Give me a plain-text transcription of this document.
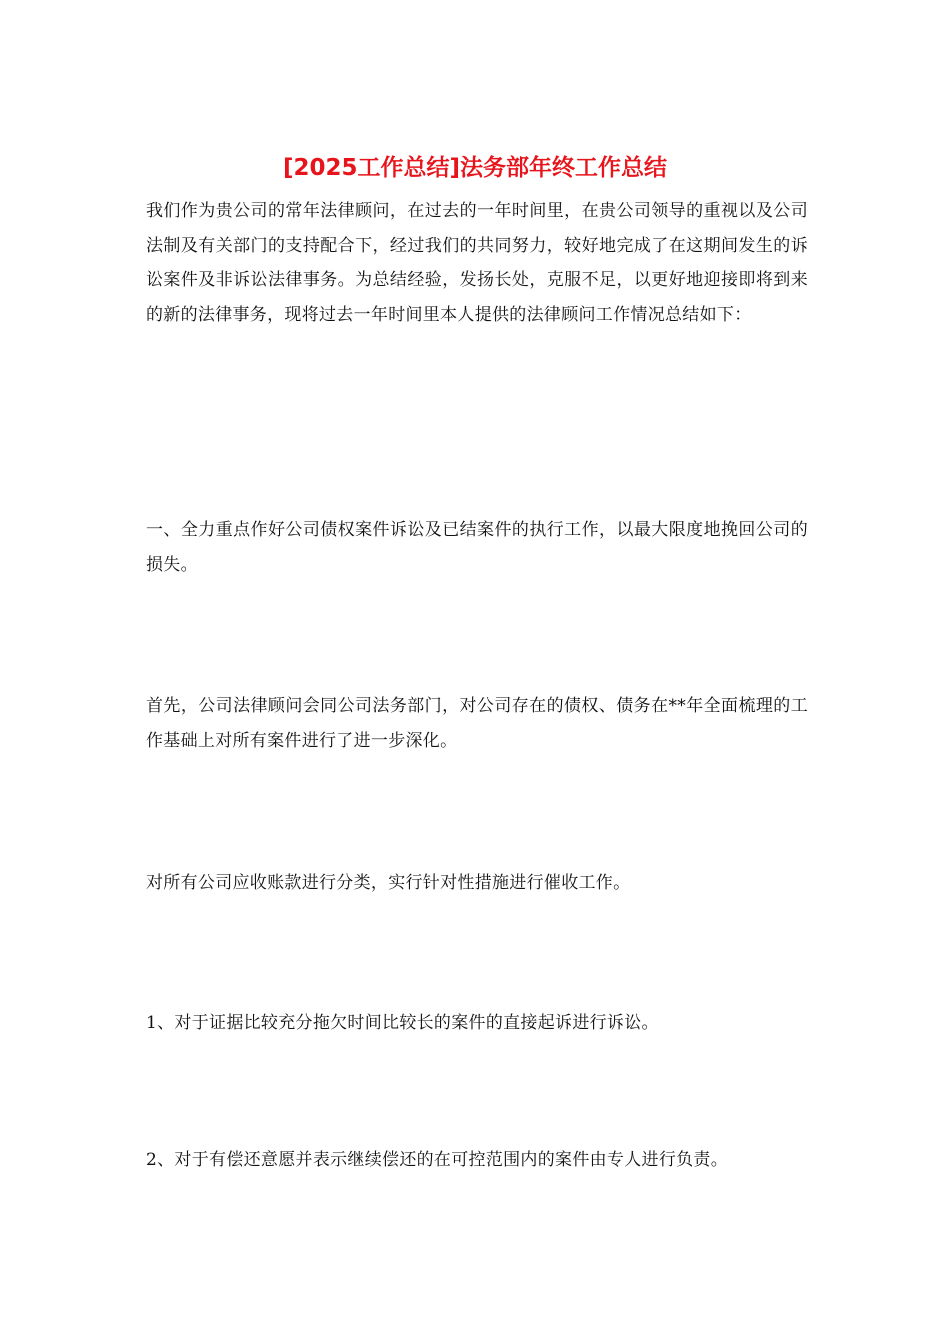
[2025工作总结]法务部年终工作总结

我们作为贵公司的常年法律顾问，在过去的一年时间里，在贵公司领导的重视以及公司法制及有关部门的支持配合下，经过我们的共同努力，较好地完成了在这期间发生的诉讼案件及非诉讼法律事务。为总结经验，发扬长处，克服不足，以更好地迎接即将到来的新的法律事务，现将过去一年时间里本人提供的法律顾问工作情况总结如下：

一、全力重点作好公司债权案件诉讼及已结案件的执行工作，以最大限度地挽回公司的损失。

首先，公司法律顾问会同公司法务部门，对公司存在的债权、债务在**年全面梳理的工作基础上对所有案件进行了进一步深化。

对所有公司应收账款进行分类，实行针对性措施进行催收工作。

1、对于证据比较充分拖欠时间比较长的案件的直接起诉进行诉讼。

2、对于有偿还意愿并表示继续偿还的在可控范围内的案件由专人进行负责。
